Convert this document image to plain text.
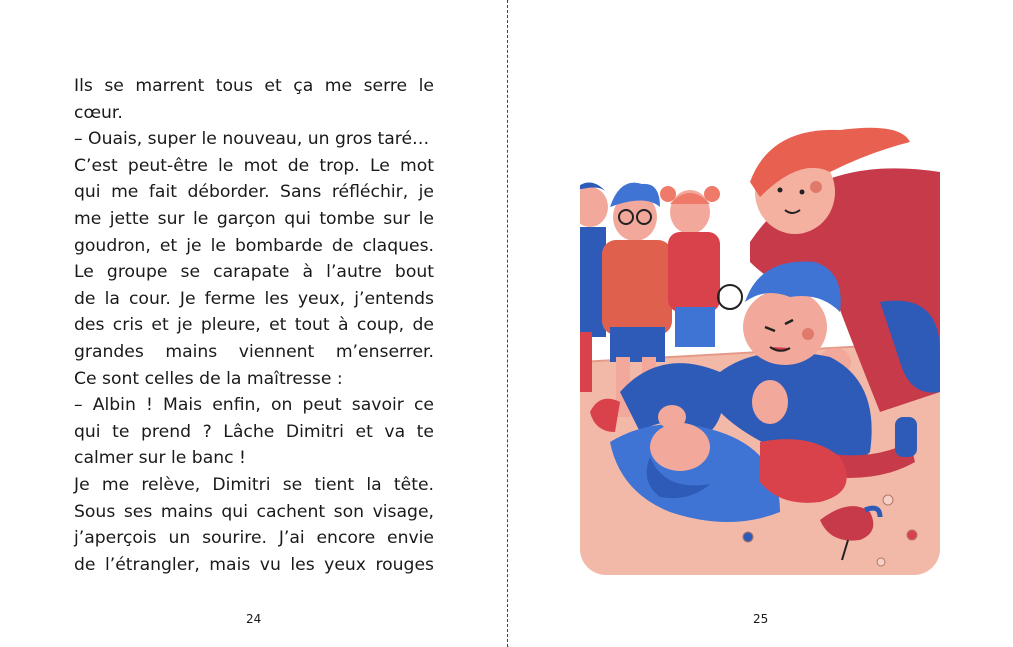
Ils se marrent tous et ça me serre le
cœur.
– Ouais, super le nouveau, un gros taré…
C’est peut-être le mot de trop. Le mot
qui me fait déborder. Sans réfléchir, je
me jette sur le garçon qui tombe sur le
goudron, et je le bombarde de claques.
Le groupe se carapate à l’autre bout
de la cour. Je ferme les yeux, j’entends
des cris et je pleure, et tout à coup, de
grandes mains viennent m’enserrer.
Ce sont celles de la maîtresse :
– Albin ! Mais enfin, on peut savoir ce
qui te prend ? Lâche Dimitri et va te
calmer sur le banc !
Je me relève, Dimitri se tient la tête.
Sous ses mains qui cachent son visage,
j’aperçois un sourire. J’ai encore envie
de l’étrangler, mais vu les yeux rouges
24	25
